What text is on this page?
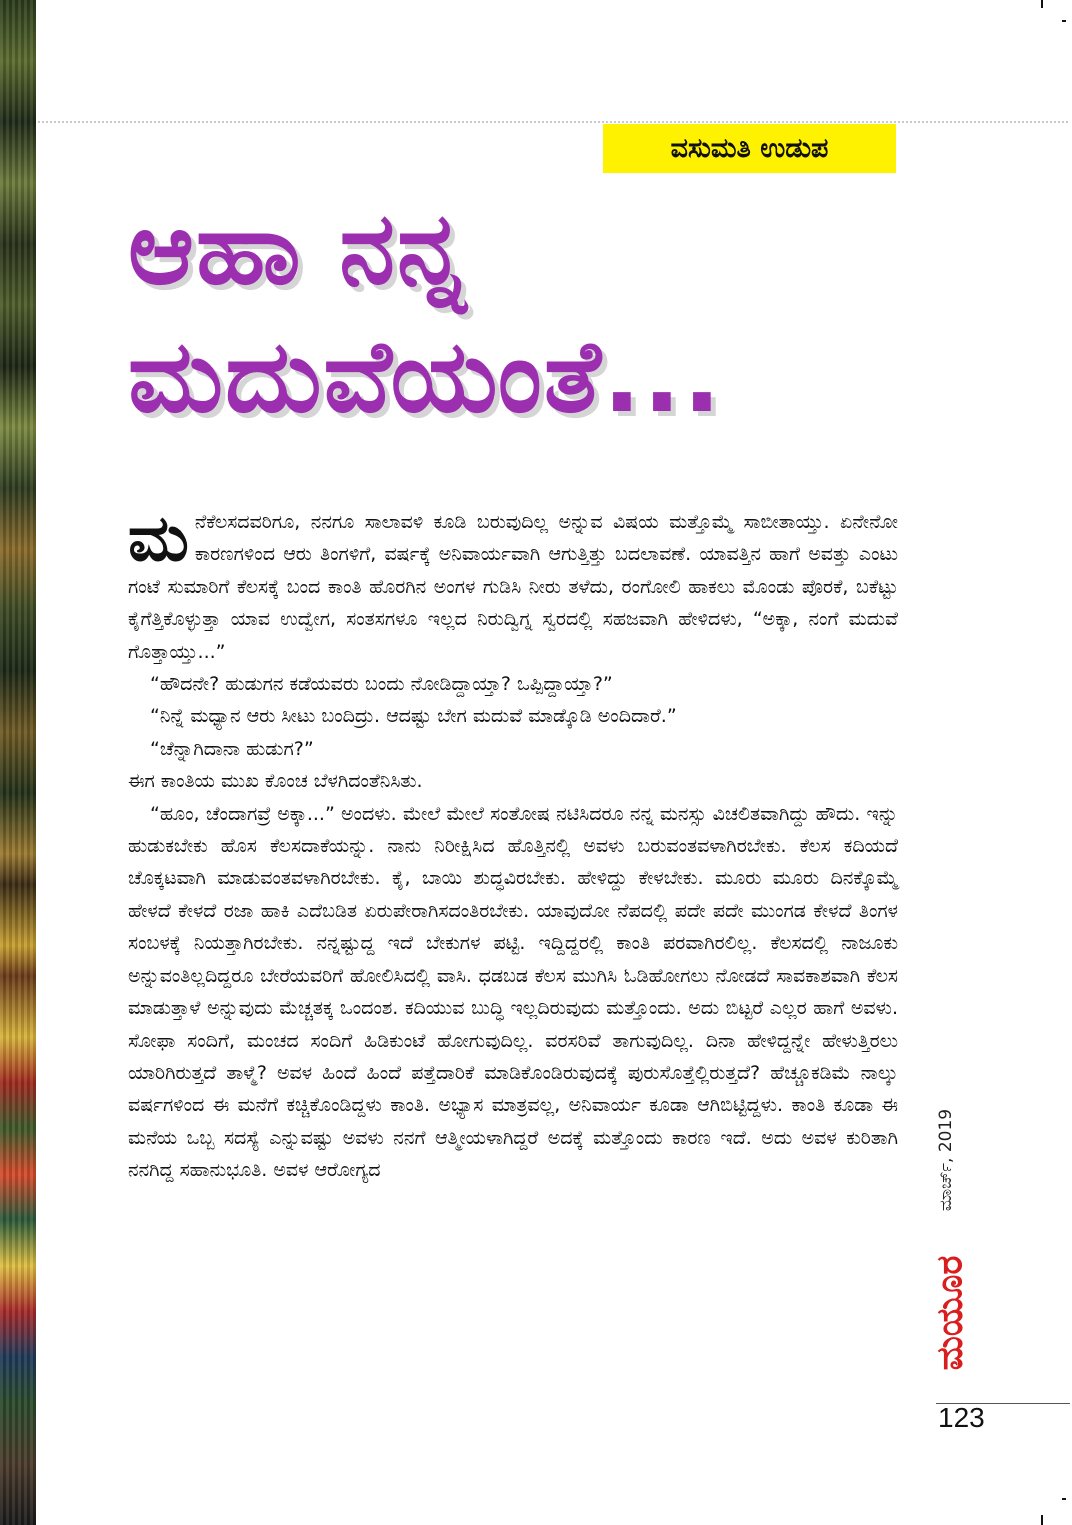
ವಸುಮತಿ ಉಡುಪ
ಆಹಾ ನನ್ನ
ಮದುವೆಯಂತೆ...

ಮನೆಕೆಲಸದವರಿಗೂ, ನನಗೂ ಸಾಲಾವಳಿ ಕೂಡಿ ಬರುವುದಿಲ್ಲ ಅನ್ನುವ ವಿಷಯ ಮತ್ತೊಮ್ಮೆ ಸಾಬೀತಾಯ್ತು. ಏನೇನೋ ಕಾರಣಗಳಿಂದ ಆರು ತಿಂಗಳಿಗೆ, ವರ್ಷಕ್ಕೆ ಅನಿವಾರ್ಯವಾಗಿ ಆಗುತ್ತಿತ್ತು ಬದಲಾವಣೆ. ಯಾವತ್ತಿನ ಹಾಗೆ ಅವತ್ತು ಎಂಟು ಗಂಟೆ ಸುಮಾರಿಗೆ ಕೆಲಸಕ್ಕೆ ಬಂದ ಕಾಂತಿ ಹೊರಗಿನ ಅಂಗಳ ಗುಡಿಸಿ ನೀರು ತಳೆದು, ರಂಗೋಲಿ ಹಾಕಲು ಮೊಂಡು ಪೊರಕೆ, ಬಕೆಟ್ಟು ಕೈಗೆತ್ತಿಕೊಳ್ಳುತ್ತಾ ಯಾವ ಉದ್ವೇಗ, ಸಂತಸಗಳೂ ಇಲ್ಲದ ನಿರುದ್ವಿಗ್ನ ಸ್ವರದಲ್ಲಿ ಸಹಜವಾಗಿ ಹೇಳಿದಳು, “ಅಕ್ಕಾ, ನಂಗೆ ಮದುವೆ ಗೊತ್ತಾಯ್ತು...”

“ಹೌದನೇ? ಹುಡುಗನ ಕಡೆಯವರು ಬಂದು ನೋಡಿದ್ದಾಯ್ತಾ? ಒಪ್ಪಿದ್ದಾಯ್ತಾ?”

“ನಿನ್ನೆ ಮಧ್ಯಾನ ಆರು ಸೀಟು ಬಂದಿದ್ರು. ಆದಷ್ಟು ಬೇಗ ಮದುವೆ ಮಾಡ್ಕೊಡಿ ಅಂದಿದಾರೆ.”

“ಚೆನ್ನಾಗಿದಾನಾ ಹುಡುಗ?”

ಈಗ ಕಾಂತಿಯ ಮುಖ ಕೊಂಚ ಬೆಳಗಿದಂತೆನಿಸಿತು.

“ಹೂಂ, ಚೆಂದಾಗವ್ರೆ ಅಕ್ಕಾ...” ಅಂದಳು. ಮೇಲೆ ಮೇಲೆ ಸಂತೋಷ ನಟಿಸಿದರೂ ನನ್ನ ಮನಸ್ಸು ವಿಚಲಿತವಾಗಿದ್ದು ಹೌದು. ಇನ್ನು ಹುಡುಕಬೇಕು ಹೊಸ ಕೆಲಸದಾಕೆಯನ್ನು. ನಾನು ನಿರೀಕ್ಷಿಸಿದ ಹೊತ್ತಿನಲ್ಲಿ ಅವಳು ಬರುವಂತವಳಾಗಿರಬೇಕು. ಕೆಲಸ ಕದಿಯದೆ ಚೊಕ್ಕಟವಾಗಿ ಮಾಡುವಂತವಳಾಗಿರಬೇಕು. ಕೈ, ಬಾಯಿ ಶುದ್ಧವಿರಬೇಕು. ಹೇಳಿದ್ದು ಕೇಳಬೇಕು. ಮೂರು ಮೂರು ದಿನಕ್ಕೊಮ್ಮೆ ಹೇಳದೆ ಕೇಳದೆ ರಜಾ ಹಾಕಿ ಎದೆಬಡಿತ ಏರುಪೇರಾಗಿಸದಂತಿರಬೇಕು. ಯಾವುದೋ ನೆಪದಲ್ಲಿ ಪದೇ ಪದೇ ಮುಂಗಡ ಕೇಳದೆ ತಿಂಗಳ ಸಂಬಳಕ್ಕೆ ನಿಯತ್ತಾಗಿರಬೇಕು. ನನ್ನಷ್ಟುದ್ದ ಇದೆ ಬೇಕುಗಳ ಪಟ್ಟಿ. ಇದ್ದಿದ್ದರಲ್ಲಿ ಕಾಂತಿ ಪರವಾಗಿರಲಿಲ್ಲ. ಕೆಲಸದಲ್ಲಿ ನಾಜೂಕು ಅನ್ನುವಂತಿಲ್ಲದಿದ್ದರೂ ಬೇರೆಯವರಿಗೆ ಹೋಲಿಸಿದಲ್ಲಿ ವಾಸಿ. ಧಡಬಡ ಕೆಲಸ ಮುಗಿಸಿ ಓಡಿಹೋಗಲು ನೋಡದೆ ಸಾವಕಾಶವಾಗಿ ಕೆಲಸ ಮಾಡುತ್ತಾಳೆ ಅನ್ನುವುದು ಮೆಚ್ಚತಕ್ಕ ಒಂದಂಶ. ಕದಿಯುವ ಬುದ್ಧಿ ಇಲ್ಲದಿರುವುದು ಮತ್ತೊಂದು. ಅದು ಬಿಟ್ಟರೆ ಎಲ್ಲರ ಹಾಗೆ ಅವಳು. ಸೋಫಾ ಸಂದಿಗೆ, ಮಂಚದ ಸಂದಿಗೆ ಹಿಡಿಕುಂಟೆ ಹೋಗುವುದಿಲ್ಲ. ವರಸರಿವೆ ತಾಗುವುದಿಲ್ಲ. ದಿನಾ ಹೇಳಿದ್ದನ್ನೇ ಹೇಳುತ್ತಿರಲು ಯಾರಿಗಿರುತ್ತದೆ ತಾಳ್ಮೆ? ಅವಳ ಹಿಂದೆ ಹಿಂದೆ ಪತ್ತೆದಾರಿಕೆ ಮಾಡಿಕೊಂಡಿರುವುದಕ್ಕೆ ಪುರುಸೊತ್ತೆಲ್ಲಿರುತ್ತದೆ? ಹೆಚ್ಚೂಕಡಿಮೆ ನಾಲ್ಕು ವರ್ಷಗಳಿಂದ ಈ ಮನೆಗೆ ಕಚ್ಚಿಕೊಂಡಿದ್ದಳು ಕಾಂತಿ. ಅಭ್ಯಾಸ ಮಾತ್ರವಲ್ಲ, ಅನಿವಾರ್ಯ ಕೂಡಾ ಆಗಿಬಿಟ್ಟಿದ್ದಳು. ಕಾಂತಿ ಕೂಡಾ ಈ ಮನೆಯ ಒಬ್ಬ ಸದಸ್ಯೆ ಎನ್ನುವಷ್ಟು ಅವಳು ನನಗೆ ಆತ್ಮೀಯಳಾಗಿದ್ದರೆ ಅದಕ್ಕೆ ಮತ್ತೊಂದು ಕಾರಣ ಇದೆ. ಅದು ಅವಳ ಕುರಿತಾಗಿ ನನಗಿದ್ದ ಸಹಾನುಭೂತಿ. ಅವಳ ಆರೋಗ್ಯದ	ಮಾರ್ಚ್, 2019
ಮಯೂರ
123
